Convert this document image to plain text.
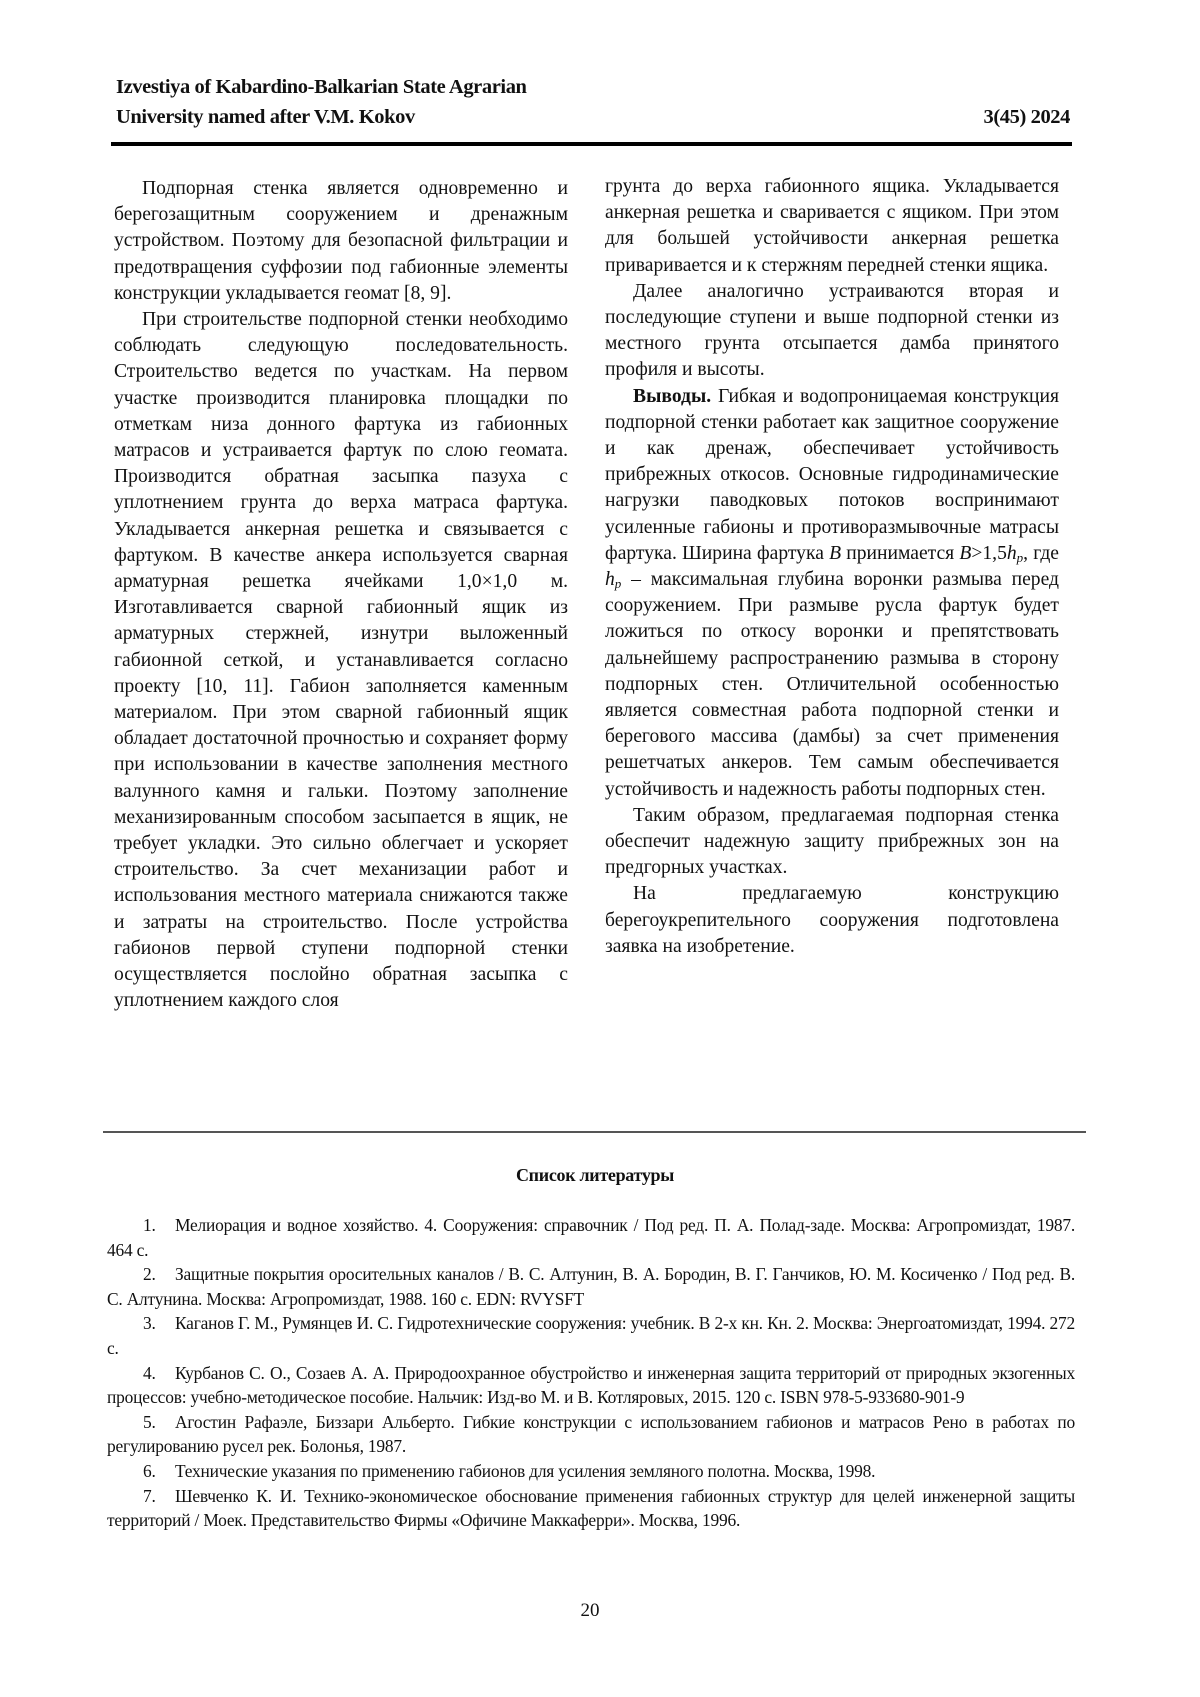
Izvestiya of Kabardino-Balkarian State Agrarian
University named after V.M. Kokov	3(45) 2024

Подпорная стенка является одновременно и берегозащитным сооружением и дренажным устройством. Поэтому для безопасной фильтрации и предотвращения суффозии под габионные элементы конструкции укладывается геомат [8, 9].

При строительстве подпорной стенки необходимо соблюдать следующую последовательность. Строительство ведется по участкам. На первом участке производится планировка площадки по отметкам низа донного фартука из габионных матрасов и устраивается фартук по слою геомата. Производится обратная засыпка пазуха с уплотнением грунта до верха матраса фартука. Укладывается анкерная решетка и связывается с фартуком. В качестве анкера используется сварная арматурная решетка ячейками 1,0×1,0 м. Изготавливается сварной габионный ящик из арматурных стержней, изнутри выложенный габионной сеткой, и устанавливается согласно проекту [10, 11]. Габион заполняется каменным материалом. При этом сварной габионный ящик обладает достаточной прочностью и сохраняет форму при использовании в качестве заполнения местного валунного камня и гальки. Поэтому заполнение механизированным способом засыпается в ящик, не требует укладки. Это сильно облегчает и ускоряет строительство. За счет механизации работ и использования местного материала снижаются также и затраты на строительство. После устройства габионов первой ступени подпорной стенки осуществляется послойно обратная засыпка с уплотнением каждого слоя

грунта до верха габионного ящика. Укладывается анкерная решетка и сваривается с ящиком. При этом для большей устойчивости анкерная решетка приваривается и к стержням передней стенки ящика.

Далее аналогично устраиваются вторая и последующие ступени и выше подпорной стенки из местного грунта отсыпается дамба принятого профиля и высоты.

Выводы. Гибкая и водопроницаемая конструкция подпорной стенки работает как защитное сооружение и как дренаж, обеспечивает устойчивость прибрежных откосов. Основные гидродинамические нагрузки паводковых потоков воспринимают усиленные габионы и противоразмывочные матрасы фартука. Ширина фартука B принимается $B>1,5h_p$, где $h_p$ – максимальная глубина воронки размыва перед сооружением. При размыве русла фартук будет ложиться по откосу воронки и препятствовать дальнейшему распространению размыва в сторону подпорных стен. Отличительной особенностью является совместная работа подпорной стенки и берегового массива (дамбы) за счет применения решетчатых анкеров. Тем самым обеспечивается устойчивость и надежность работы подпорных стен.

Таким образом, предлагаемая подпорная стенка обеспечит надежную защиту прибрежных зон на предгорных участках.

На предлагаемую конструкцию берегоукрепительного сооружения подготовлена заявка на изобретение.

Список литературы

1. Мелиорация и водное хозяйство. 4. Сооружения: справочник / Под ред. П. А. Полад-заде. Москва: Агропромиздат, 1987. 464 с.

2. Защитные покрытия оросительных каналов / В. С. Алтунин, В. А. Бородин, В. Г. Ганчиков, Ю. М. Косиченко / Под ред. В. С. Алтунина. Москва: Агропромиздат, 1988. 160 с. EDN: RVYSFT

3. Каганов Г. М., Румянцев И. С. Гидротехнические сооружения: учебник. В 2-х кн. Кн. 2. Москва: Энергоатомиздат, 1994. 272 с.

4. Курбанов С. О., Созаев А. А. Природоохранное обустройство и инженерная защита территорий от природных экзогенных процессов: учебно-методическое пособие. Нальчик: Изд-во М. и В. Котляровых, 2015. 120 с. ISBN 978-5-933680-901-9

5. Агостин Рафаэле, Биззари Альберто. Гибкие конструкции с использованием габионов и матрасов Рено в работах по регулированию русел рек. Болонья, 1987.

6. Технические указания по применению габионов для усиления земляного полотна. Москва, 1998.

7. Шевченко К. И. Технико-экономическое обоснование применения габионных структур для целей инженерной защиты территорий / Моек. Представительство Фирмы «Офичине Маккаферри». Москва, 1996.

20
